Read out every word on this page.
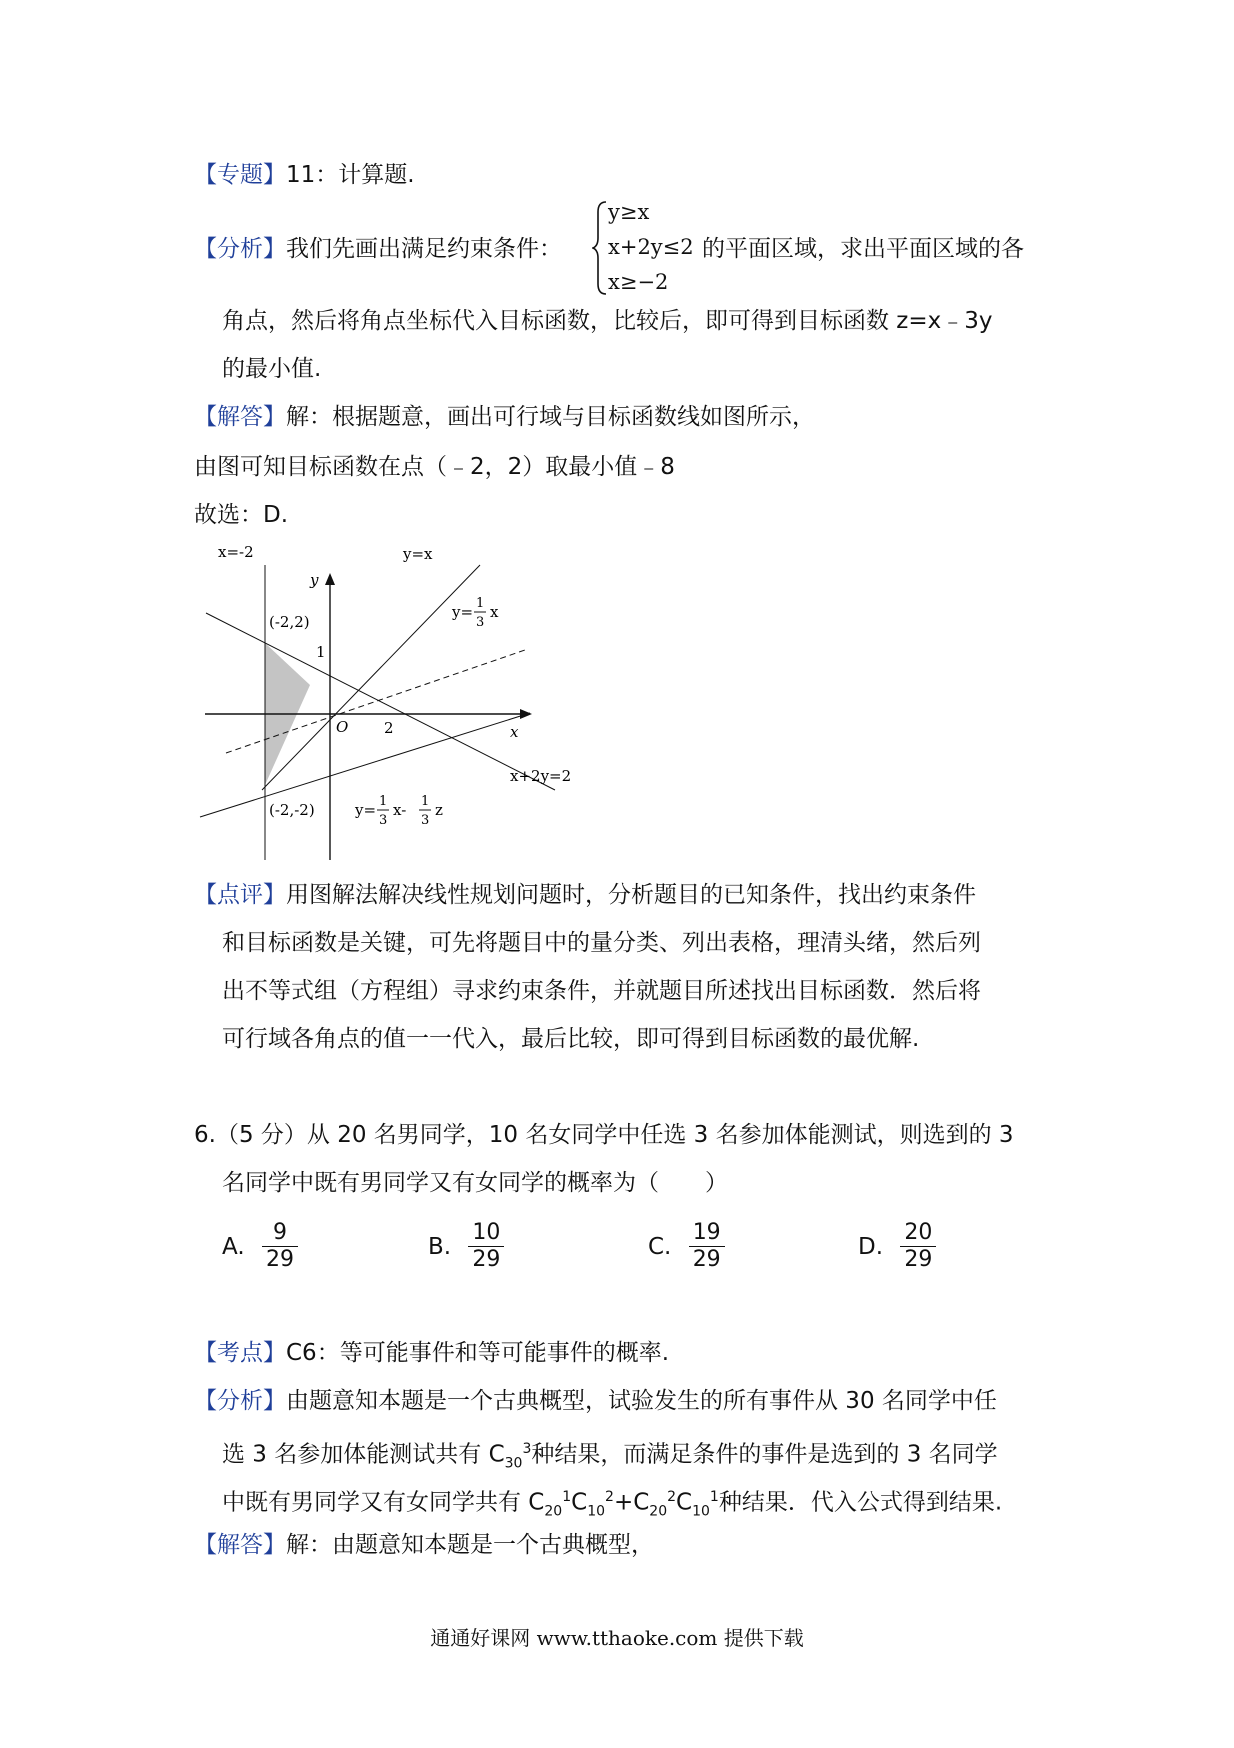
【专题】11：计算题.
【分析】我们先画出满足约束条件：
y≥x
x+2y≤2
x≥−2
的平面区域，求出平面区域的各
角点，然后将角点坐标代入目标函数，比较后，即可得到目标函数 z=x﹣3y
的最小值.
【解答】解：根据题意，画出可行域与目标函数线如图所示，
由图可知目标函数在点（﹣2，2）取最小值﹣8
故选：D.
x=-2	y=x
y
x
O
(-2,2)
(-2,-2)
1
2
x+2y=2
y= 1
3
x
y= 1
3
x- 1
3
z
【点评】用图解法解决线性规划问题时，分析题目的已知条件，找出约束条件
和目标函数是关键，可先将题目中的量分类、列出表格，理清头绪，然后列
出不等式组（方程组）寻求约束条件，并就题目所述找出目标函数．然后将
可行域各角点的值一一代入，最后比较，即可得到目标函数的最优解.
6.（5 分）从 20 名男同学，10 名女同学中任选 3 名参加体能测试，则选到的 3
名同学中既有男同学又有女同学的概率为（　　）
A. $\frac{9}{29}$	B. $\frac{10}{29}$	C. $\frac{19}{29}$	D. $\frac{20}{29}$
【考点】C6：等可能事件和等可能事件的概率.
【分析】由题意知本题是一个古典概型，试验发生的所有事件从 30 名同学中任
选 3 名参加体能测试共有 $C_{30}^3$种结果，而满足条件的事件是选到的 3 名同学
中既有男同学又有女同学共有 $C_{20}^1C_{10}^2+C_{20}^2C_{10}^1$种结果．代入公式得到结果.
【解答】解：由题意知本题是一个古典概型，
通通好课网 www.tthaoke.com 提供下载
